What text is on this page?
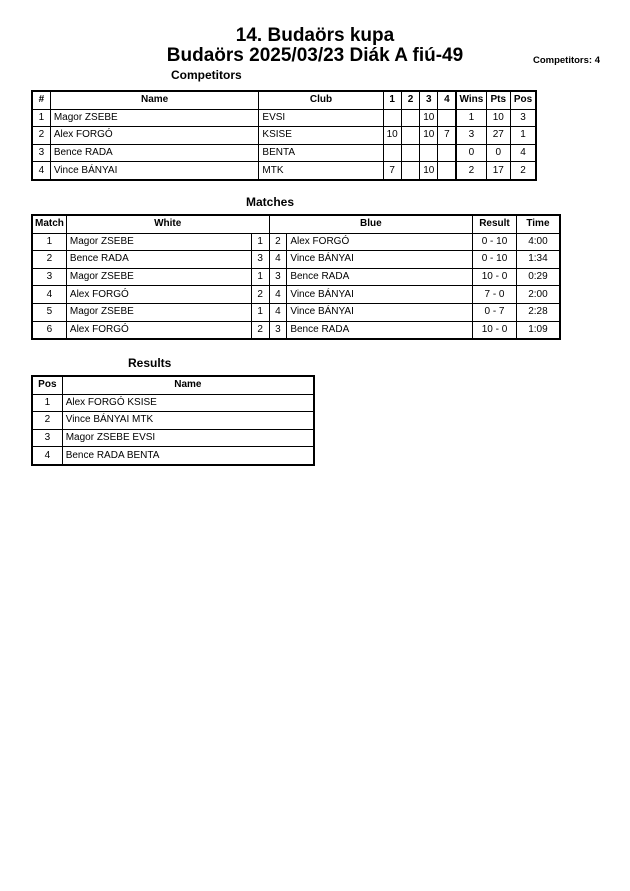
14. Budaörs kupa
Budaörs 2025/03/23 Diák A fiú-49	Competitors: 4
Competitors
#	Name	Club	1	2	3	4	Wins	Pts	Pos
1	Magor ZSEBE	EVSI			10		1	10	3
2	Alex FORGÓ	KSISE	10		10	7	3	27	1
3	Bence RADA	BENTA					0	0	4
4	Vince BÁNYAI	MTK	7		10		2	17	2
Matches
Match	White		Blue		Result	Time
1	Magor ZSEBE	1	2	Alex FORGÓ	0 - 10	4:00
2	Bence RADA	3	4	Vince BÁNYAI	0 - 10	1:34
3	Magor ZSEBE	1	3	Bence RADA	10 - 0	0:29
4	Alex FORGÓ	2	4	Vince BÁNYAI	7 - 0	2:00
5	Magor ZSEBE	1	4	Vince BÁNYAI	0 - 7	2:28
6	Alex FORGÓ	2	3	Bence RADA	10 - 0	1:09
Results
Pos	Name
1	Alex FORGÓ KSISE
2	Vince BÁNYAI MTK
3	Magor ZSEBE EVSI
4	Bence RADA BENTA
